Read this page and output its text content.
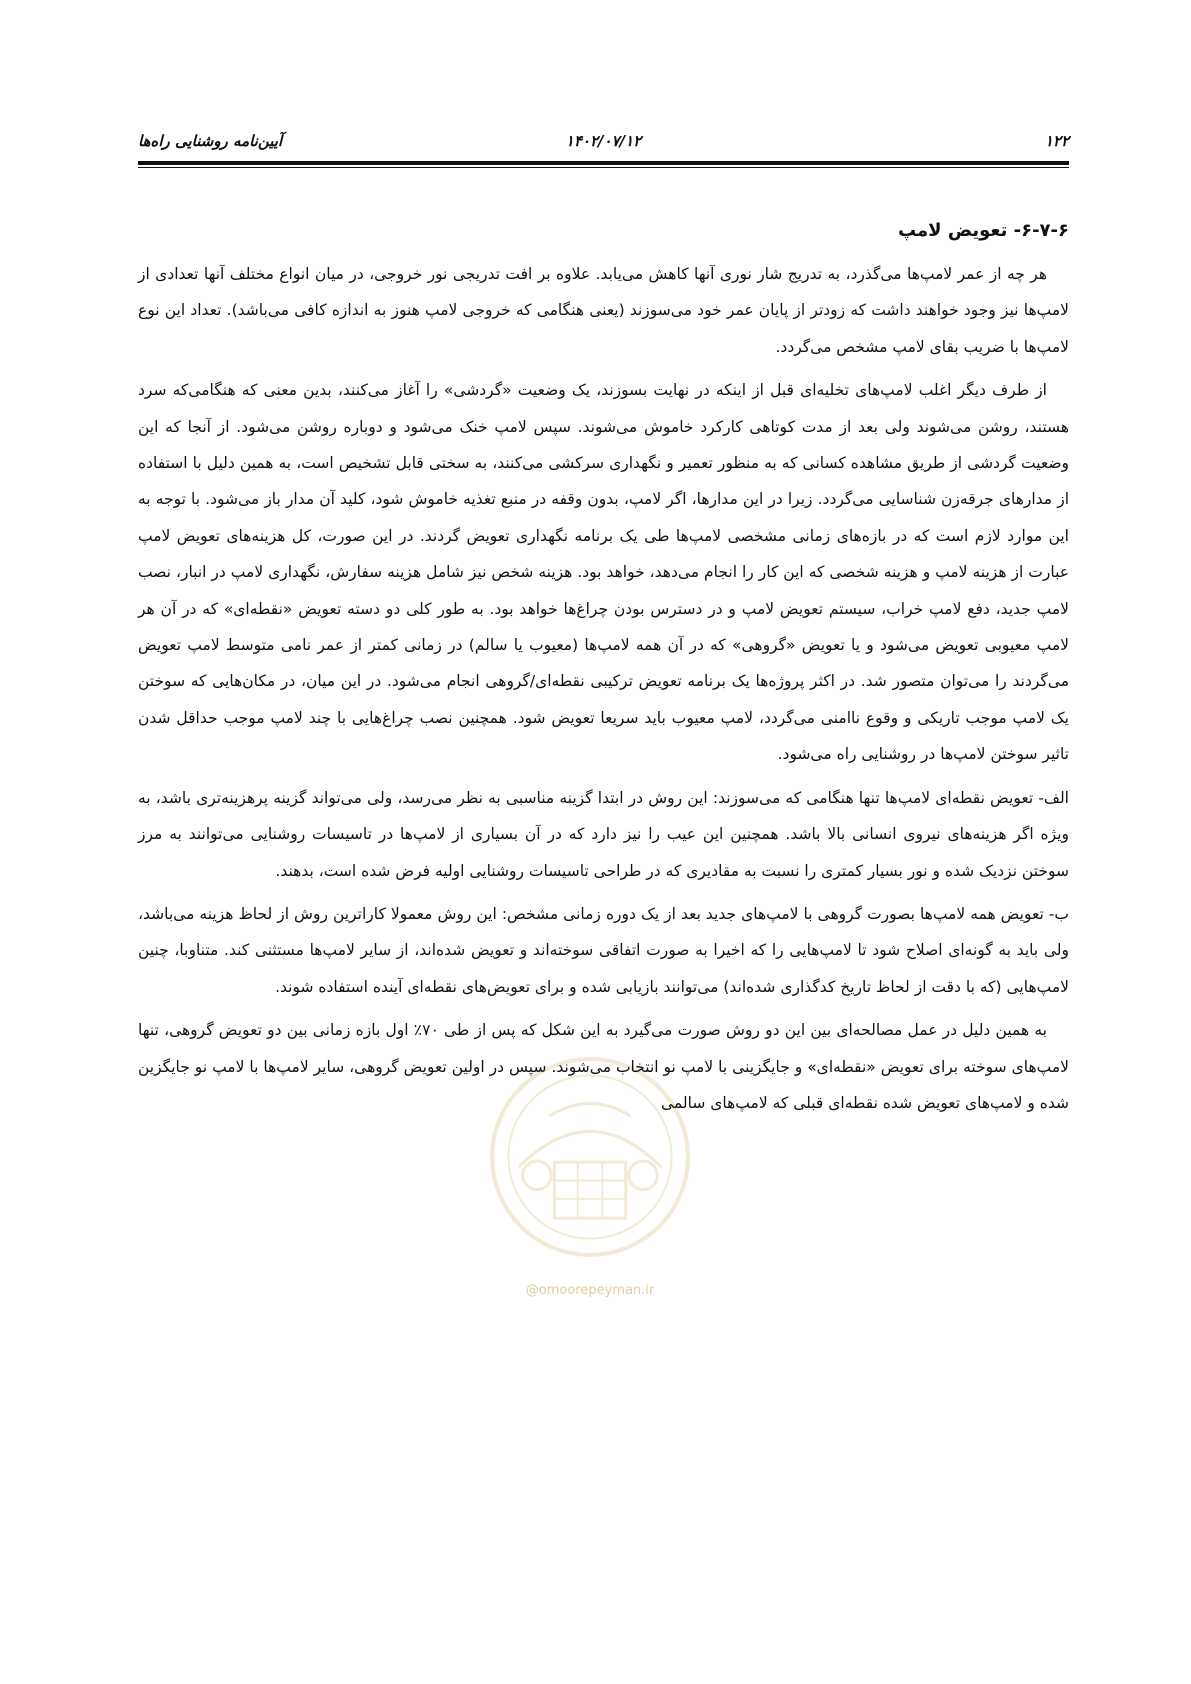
۱۲۲
۱۴۰۲/۰۷/۱۲
آیین‌نامه روشنایی راه‌ها
@omoorepeyman.ir
۶-۷-۶- تعویض لامپ

هر چه از عمر لامپ‌ها می‌گذرد، به تدریج شار نوری آنها کاهش می‌یابد. علاوه بر افت تدریجی نور خروجی، در میان انواع مختلف آنها تعدادی از لامپ‌ها نیز وجود خواهند داشت که زودتر از پایان عمر خود می‌سوزند (یعنی هنگامی که خروجی لامپ هنوز به اندازه کافی می‌باشد). تعداد این نوع لامپ‌ها با ضریب بقای لامپ مشخص می‌گردد.

از طرف دیگر اغلب لامپ‌های تخلیه‌ای قبل از اینکه در نهایت بسوزند، یک وضعیت «گردشی» را آغاز می‌کنند، بدین معنی که هنگامی‌که سرد هستند، روشن می‌شوند ولی بعد از مدت کوتاهی کارکرد خاموش می‌شوند. سپس لامپ خنک می‌شود و دوباره روشن می‌شود. از آنجا که این وضعیت گردشی از طریق مشاهده کسانی که به منظور تعمیر و نگهداری سرکشی می‌کنند، به سختی قابل تشخیص است، به همین دلیل با استفاده از مدارهای جرقه‌زن شناسایی می‌گردد. زیرا در این مدارها، اگر لامپ، بدون وقفه در منبع تغذیه خاموش شود، کلید آن مدار باز می‌شود. با توجه به این موارد لازم است که در بازه‌های زمانی مشخصی لامپ‌ها طی یک برنامه نگهداری تعویض گردند. در این صورت، کل هزینه‌های تعویض لامپ عبارت از هزینه لامپ و هزینه شخصی که این کار را انجام می‌دهد، خواهد بود. هزینه شخص نیز شامل هزینه سفارش، نگهداری لامپ در انبار، نصب لامپ جدید، دفع لامپ خراب، سیستم تعویض لامپ و در دسترس بودن چراغ‌ها خواهد بود. به طور کلی دو دسته تعویض «نقطه‌ای» که در آن هر لامپ معیوبی تعویض می‌شود و یا تعویض «گروهی» که در آن همه لامپ‌ها (معیوب یا سالم) در زمانی کمتر از عمر نامی متوسط لامپ تعویض می‌گردند را می‌توان متصور شد. در اکثر پروژه‌ها یک برنامه تعویض ترکیبی نقطه‌ای/گروهی انجام می‌شود. در این میان، در مکان‌هایی که سوختن یک لامپ موجب تاریکی و وقوع ناامنی می‌گردد، لامپ معیوب باید سریعا تعویض شود. همچنین نصب چراغ‌هایی با چند لامپ موجب حداقل شدن تاثیر سوختن لامپ‌ها در روشنایی راه می‌شود.

الف- تعویض نقطه‌ای لامپ‌ها تنها هنگامی که می‌سوزند: این روش در ابتدا گزینه مناسبی به نظر می‌رسد، ولی می‌تواند گزینه پرهزینه‌تری باشد، به ویژه اگر هزینه‌های نیروی انسانی بالا باشد. همچنین این عیب را نیز دارد که در آن بسیاری از لامپ‌ها در تاسیسات روشنایی می‌توانند به مرز سوختن نزدیک شده و نور بسیار کمتری را نسبت به مقادیری که در طراحی تاسیسات روشنایی اولیه فرض شده است، بدهند.

ب- تعویض همه لامپ‌ها بصورت گروهی با لامپ‌های جدید بعد از یک دوره زمانی مشخص: این روش معمولا کاراترین روش از لحاظ هزینه می‌باشد، ولی باید به گونه‌ای اصلاح شود تا لامپ‌هایی را که اخیرا به صورت اتفاقی سوخته‌اند و تعویض شده‌اند، از سایر لامپ‌ها مستثنی کند. متناوبا، چنین لامپ‌هایی (که با دقت از لحاظ تاریخ کدگذاری شده‌اند) می‌توانند بازیابی شده و برای تعویض‌های نقطه‌ای آینده استفاده شوند.

به همین دلیل در عمل مصالحه‌ای بین این دو روش صورت می‌گیرد به این شکل که پس از طی ۷۰٪ اول بازه زمانی بین دو تعویض گروهی، تنها لامپ‌های سوخته برای تعویض «نقطه‌ای» و جایگزینی با لامپ نو انتخاب می‌شوند. سپس در اولین تعویض گروهی، سایر لامپ‌ها با لامپ نو جایگزین شده و لامپ‌های تعویض شده نقطه‌ای قبلی که لامپ‌های سالمی
